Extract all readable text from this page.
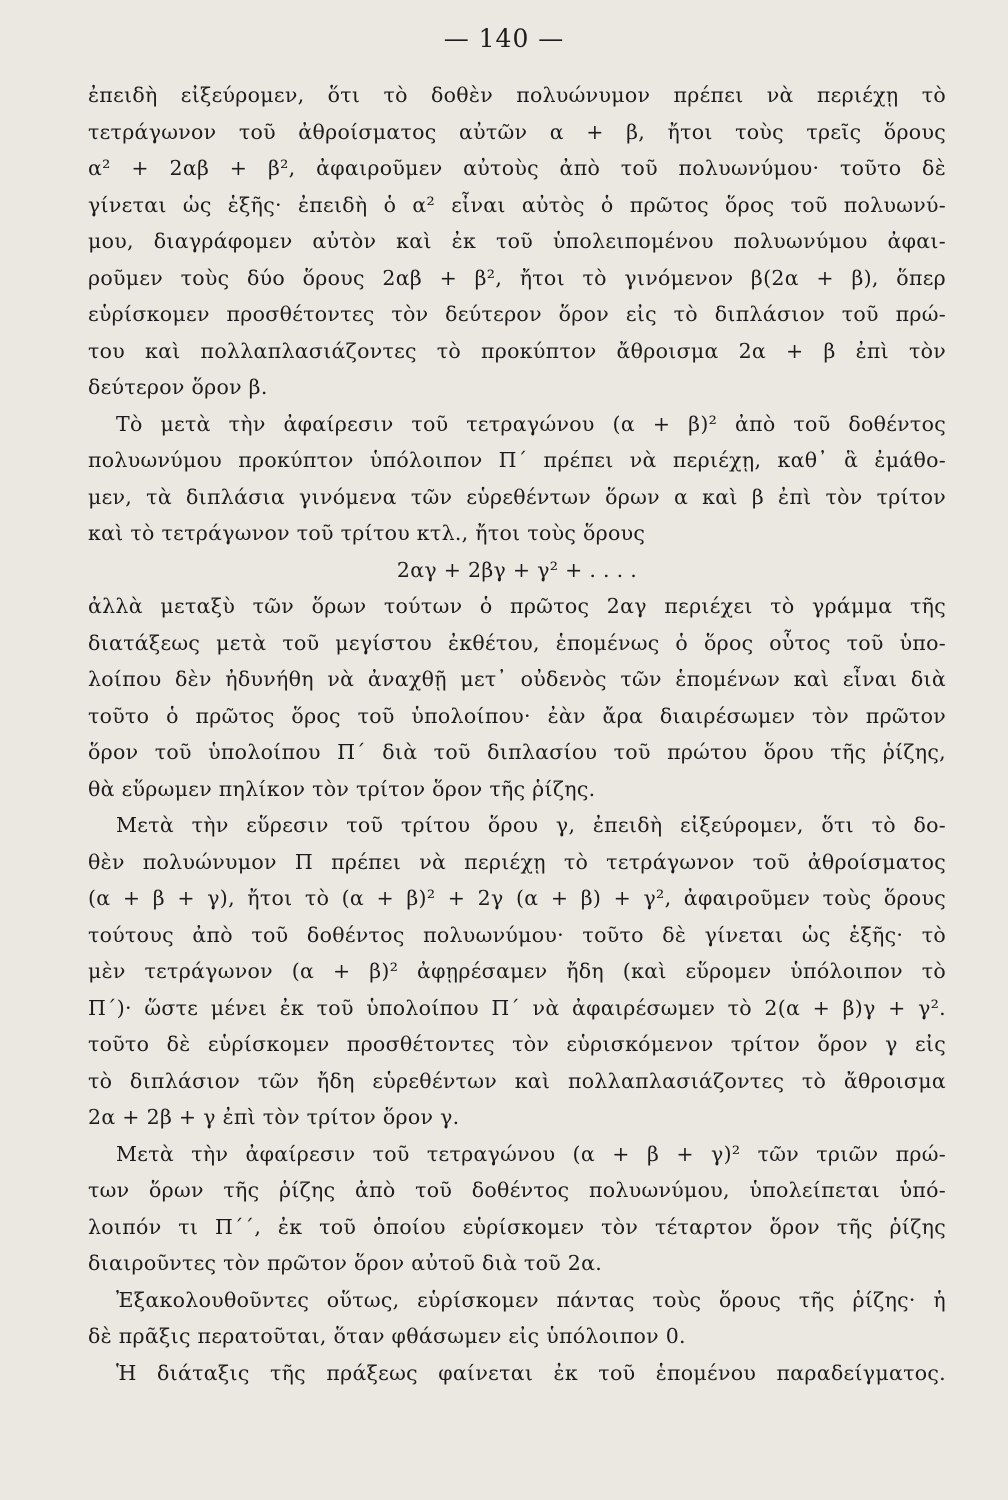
— 140 —
ἐπειδὴ εἰξεύρομεν, ὅτι τὸ δοθὲν πολυώνυμον πρέπει νὰ περιέχῃ τὸ
τετράγωνον τοῦ ἀθροίσματος αὐτῶν α + β, ἤτοι τοὺς τρεῖς ὅρους
α² + 2αβ + β², ἀφαιροῦμεν αὐτοὺς ἀπὸ τοῦ πολυωνύμου· τοῦτο δὲ
γίνεται ὡς ἑξῆς· ἐπειδὴ ὁ α² εἶναι αὐτὸς ὁ πρῶτος ὅρος τοῦ πολυωνύ-
μου, διαγράφομεν αὐτὸν καὶ ἐκ τοῦ ὑπολειπομένου πολυωνύμου ἀφαι-
ροῦμεν τοὺς δύο ὅρους 2αβ + β², ἤτοι τὸ γινόμενον β(2α + β), ὅπερ
εὑρίσκομεν προσθέτοντες τὸν δεύτερον ὅρον εἰς τὸ διπλάσιον τοῦ πρώ-
του καὶ πολλαπλασιάζοντες τὸ προκύπτον ἄθροισμα 2α + β ἐπὶ τὸν
δεύτερον ὅρον β.
Τὸ μετὰ τὴν ἀφαίρεσιν τοῦ τετραγώνου (α + β)² ἀπὸ τοῦ δοθέντος
πολυωνύμου προκύπτον ὑπόλοιπον Π΄ πρέπει νὰ περιέχῃ, καθ᾽ ἃ ἐμάθο-
μεν, τὰ διπλάσια γινόμενα τῶν εὑρεθέντων ὅρων α καὶ β ἐπὶ τὸν τρίτον
καὶ τὸ τετράγωνον τοῦ τρίτου κτλ., ἤτοι τοὺς ὅρους
2αγ + 2βγ + γ² + . . . .
ἀλλὰ μεταξὺ τῶν ὅρων τούτων ὁ πρῶτος 2αγ περιέχει τὸ γράμμα τῆς
διατάξεως μετὰ τοῦ μεγίστου ἐκθέτου, ἑπομένως ὁ ὅρος οὗτος τοῦ ὑπο-
λοίπου δὲν ἠδυνήθη νὰ ἀναχθῇ μετ᾽ οὐδενὸς τῶν ἑπομένων καὶ εἶναι διὰ
τοῦτο ὁ πρῶτος ὅρος τοῦ ὑπολοίπου· ἐὰν ἄρα διαιρέσωμεν τὸν πρῶτον
ὅρον τοῦ ὑπολοίπου Π΄ διὰ τοῦ διπλασίου τοῦ πρώτου ὅρου τῆς ῥίζης,
θὰ εὕρωμεν πηλίκον τὸν τρίτον ὅρον τῆς ῥίζης.
Μετὰ τὴν εὕρεσιν τοῦ τρίτου ὅρου γ, ἐπειδὴ εἰξεύρομεν, ὅτι τὸ δο-
θὲν πολυώνυμον Π πρέπει νὰ περιέχῃ τὸ τετράγωνον τοῦ ἀθροίσματος
(α + β + γ), ἤτοι τὸ (α + β)² + 2γ (α + β) + γ², ἀφαιροῦμεν τοὺς ὅρους
τούτους ἀπὸ τοῦ δοθέντος πολυωνύμου· τοῦτο δὲ γίνεται ὡς ἑξῆς· τὸ
μὲν τετράγωνον (α + β)² ἀφῃρέσαμεν ἤδη (καὶ εὕρομεν ὑπόλοιπον τὸ
Π΄)· ὥστε μένει ἐκ τοῦ ὑπολοίπου Π΄ νὰ ἀφαιρέσωμεν τὸ 2(α + β)γ + γ².
τοῦτο δὲ εὑρίσκομεν προσθέτοντες τὸν εὑρισκόμενον τρίτον ὅρον γ εἰς
τὸ διπλάσιον τῶν ἤδη εὑρεθέντων καὶ πολλαπλασιάζοντες τὸ ἄθροισμα
2α + 2β + γ ἐπὶ τὸν τρίτον ὅρον γ.
Μετὰ τὴν ἀφαίρεσιν τοῦ τετραγώνου (α + β + γ)² τῶν τριῶν πρώ-
των ὅρων τῆς ῥίζης ἀπὸ τοῦ δοθέντος πολυωνύμου, ὑπολείπεται ὑπό-
λοιπόν τι Π΄΄, ἐκ τοῦ ὁποίου εὑρίσκομεν τὸν τέταρτον ὅρον τῆς ῥίζης
διαιροῦντες τὸν πρῶτον ὅρον αὐτοῦ διὰ τοῦ 2α.
Ἐξακολουθοῦντες οὕτως, εὑρίσκομεν πάντας τοὺς ὅρους τῆς ῥίζης· ἡ
δὲ πρᾶξις περατοῦται, ὅταν φθάσωμεν εἰς ὑπόλοιπον 0.
Ἡ διάταξις τῆς πράξεως φαίνεται ἐκ τοῦ ἑπομένου παραδείγματος.
